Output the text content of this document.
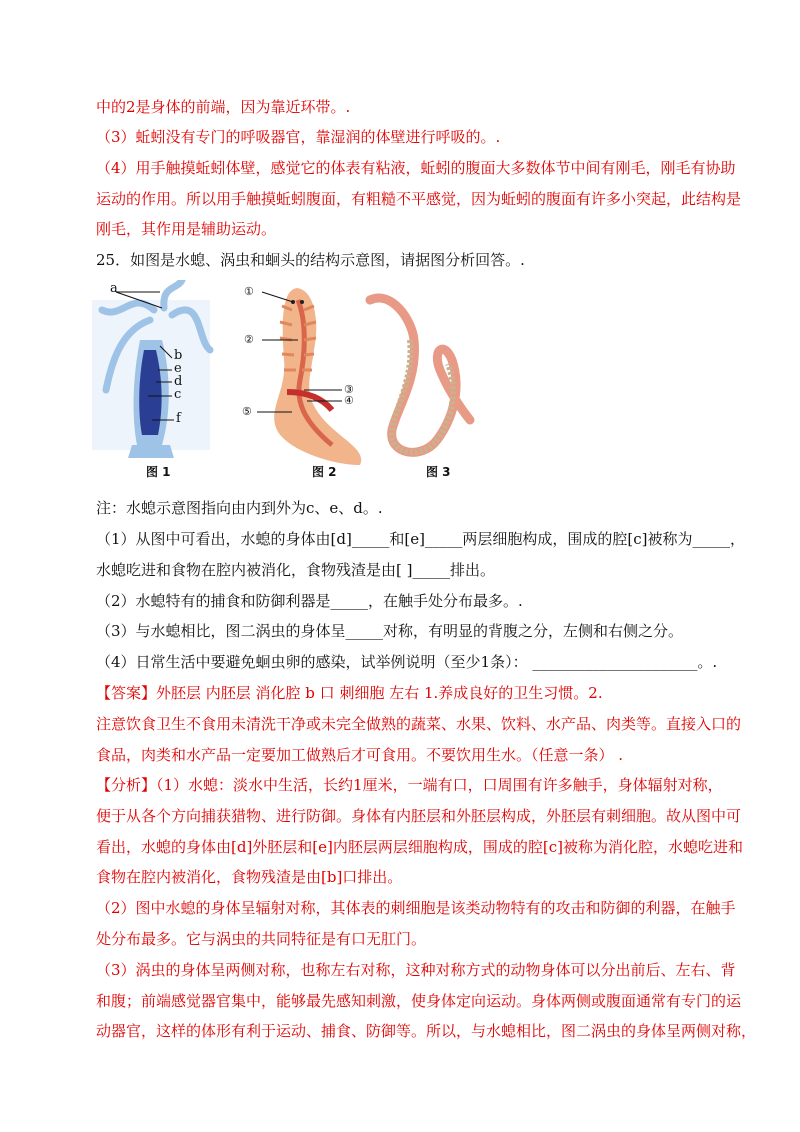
中的2是身体的前端，因为靠近环带。.
（3）蚯蚓没有专门的呼吸器官，靠湿润的体壁进行呼吸的。.
（4）用手触摸蚯蚓体壁，感觉它的体表有粘液，蚯蚓的腹面大多数体节中间有刚毛，刚毛有协助
运动的作用。所以用手触摸蚯蚓腹面，有粗糙不平感觉，因为蚯蚓的腹面有许多小突起，此结构是
刚毛，其作用是辅助运动。
25．如图是水螅、涡虫和蛔头的结构示意图，请据图分析回答。.
a
b
e
d
c
f
①
②
③
④
⑤
图 1	图 2	图 3
注：水螅示意图指向由内到外为c、e、d。.
（1）从图中可看出，水螅的身体由[d]_____和[e]_____两层细胞构成，围成的腔[c]被称为_____，
水螅吃进和食物在腔内被消化，食物残渣是由[ ]_____排出。
（2）水螅特有的捕食和防御利器是_____，在触手处分布最多。.
（3）与水螅相比，图二涡虫的身体呈_____对称，有明显的背腹之分，左侧和右侧之分。
（4）日常生活中要避免蛔虫卵的感染，试举例说明（至少1条）： ______________________。.
【答案】外胚层 内胚层 消化腔 b 口 刺细胞 左右 1.养成良好的卫生习惯。2.
注意饮食卫生不食用未清洗干净或未完全做熟的蔬菜、水果、饮料、水产品、肉类等。直接入口的
食品，肉类和水产品一定要加工做熟后才可食用。不要饮用生水。（任意一条） .
【分析】（1）水螅：淡水中生活，长约1厘米，一端有口，口周围有许多触手，身体辐射对称，
便于从各个方向捕获猎物、进行防御。身体有内胚层和外胚层构成，外胚层有刺细胞。故从图中可
看出，水螅的身体由[d]外胚层和[e]内胚层两层细胞构成，围成的腔[c]被称为消化腔，水螅吃进和
食物在腔内被消化，食物残渣是由[b]口排出。
（2）图中水螅的身体呈辐射对称，其体表的刺细胞是该类动物特有的攻击和防御的利器，在触手
处分布最多。它与涡虫的共同特征是有口无肛门。
（3）涡虫的身体呈两侧对称，也称左右对称，这种对称方式的动物身体可以分出前后、左右、背
和腹；前端感觉器官集中，能够最先感知刺激，使身体定向运动。身体两侧或腹面通常有专门的运
动器官，这样的体形有利于运动、捕食、防御等。所以，与水螅相比，图二涡虫的身体呈两侧对称，
